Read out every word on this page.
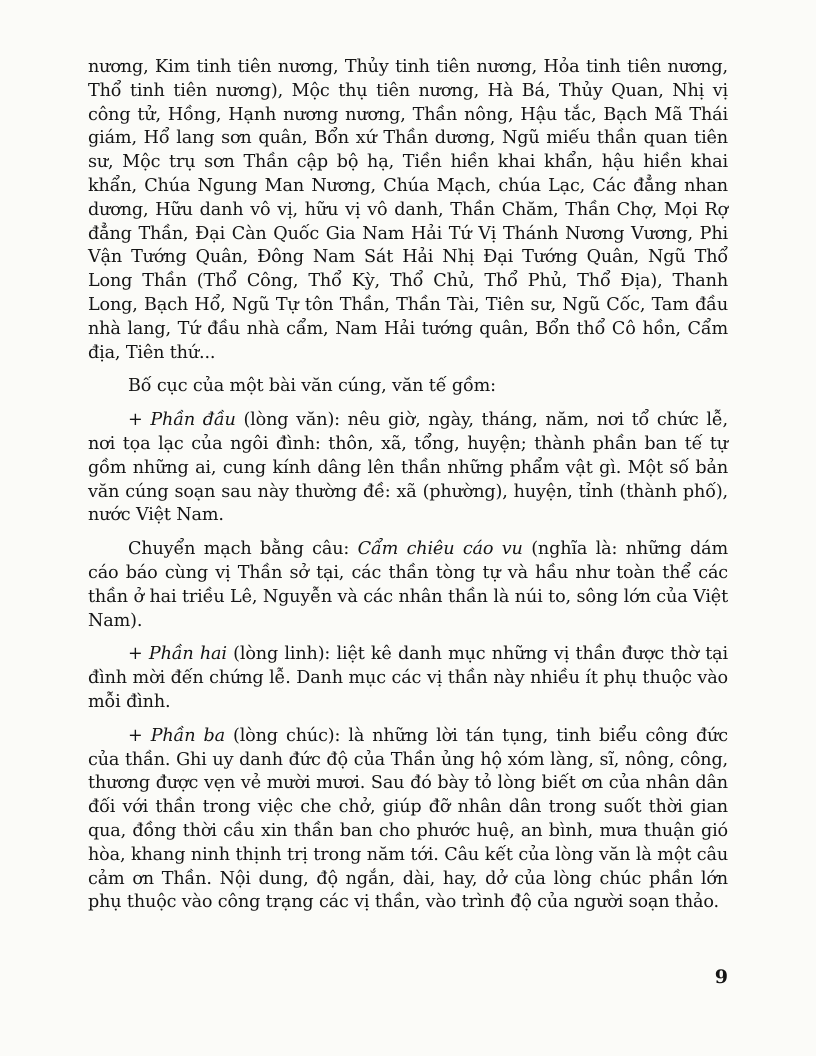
nương, Kim tinh tiên nương, Thủy tinh tiên nương, Hỏa tinh tiên nương, Thổ tinh tiên nương), Mộc thụ tiên nương, Hà Bá, Thủy Quan, Nhị vị công tử, Hồng, Hạnh nương nương, Thần nông, Hậu tắc, Bạch Mã Thái giám, Hổ lang sơn quân, Bổn xứ Thần dương, Ngũ miếu thần quan tiên sư, Mộc trụ sơn Thần cập bộ hạ, Tiền hiền khai khẩn, hậu hiền khai khẩn, Chúa Ngung Man Nương, Chúa Mạch, chúa Lạc, Các đẳng nhan dương, Hữu danh vô vị, hữu vị vô danh, Thần Chăm, Thần Chợ, Mọi Rợ đẳng Thần, Đại Càn Quốc Gia Nam Hải Tứ Vị Thánh Nương Vương, Phi Vận Tướng Quân, Đông Nam Sát Hải Nhị Đại Tướng Quân, Ngũ Thổ Long Thần (Thổ Công, Thổ Kỳ, Thổ Chủ, Thổ Phủ, Thổ Địa), Thanh Long, Bạch Hổ, Ngũ Tự tôn Thần, Thần Tài, Tiên sư, Ngũ Cốc, Tam đầu nhà lang, Tứ đầu nhà cẩm, Nam Hải tướng quân, Bổn thổ Cô hồn, Cẩm địa, Tiên thứ...

Bố cục của một bài văn cúng, văn tế gồm:

+ Phần đầu (lòng văn): nêu giờ, ngày, tháng, năm, nơi tổ chức lễ, nơi tọa lạc của ngôi đình: thôn, xã, tổng, huyện; thành phần ban tế tự gồm những ai, cung kính dâng lên thần những phẩm vật gì. Một số bản văn cúng soạn sau này thường đề: xã (phường), huyện, tỉnh (thành phố), nước Việt Nam.

Chuyển mạch bằng câu: Cẩm chiêu cáo vu (nghĩa là: những dám cáo báo cùng vị Thần sở tại, các thần tòng tự và hầu như toàn thể các thần ở hai triều Lê, Nguyễn và các nhân thần là núi to, sông lớn của Việt Nam).

+ Phần hai (lòng linh): liệt kê danh mục những vị thần được thờ tại đình mời đến chứng lễ. Danh mục các vị thần này nhiều ít phụ thuộc vào mỗi đình.

+ Phần ba (lòng chúc): là những lời tán tụng, tinh biểu công đức của thần. Ghi uy danh đức độ của Thần ủng hộ xóm làng, sĩ, nông, công, thương được vẹn vẻ mười mươi. Sau đó bày tỏ lòng biết ơn của nhân dân đối với thần trong việc che chở, giúp đỡ nhân dân trong suốt thời gian qua, đồng thời cầu xin thần ban cho phước huệ, an bình, mưa thuận gió hòa, khang ninh thịnh trị trong năm tới. Câu kết của lòng văn là một câu cảm ơn Thần. Nội dung, độ ngắn, dài, hay, dở của lòng chúc phần lớn phụ thuộc vào công trạng các vị thần, vào trình độ của người soạn thảo.

9
